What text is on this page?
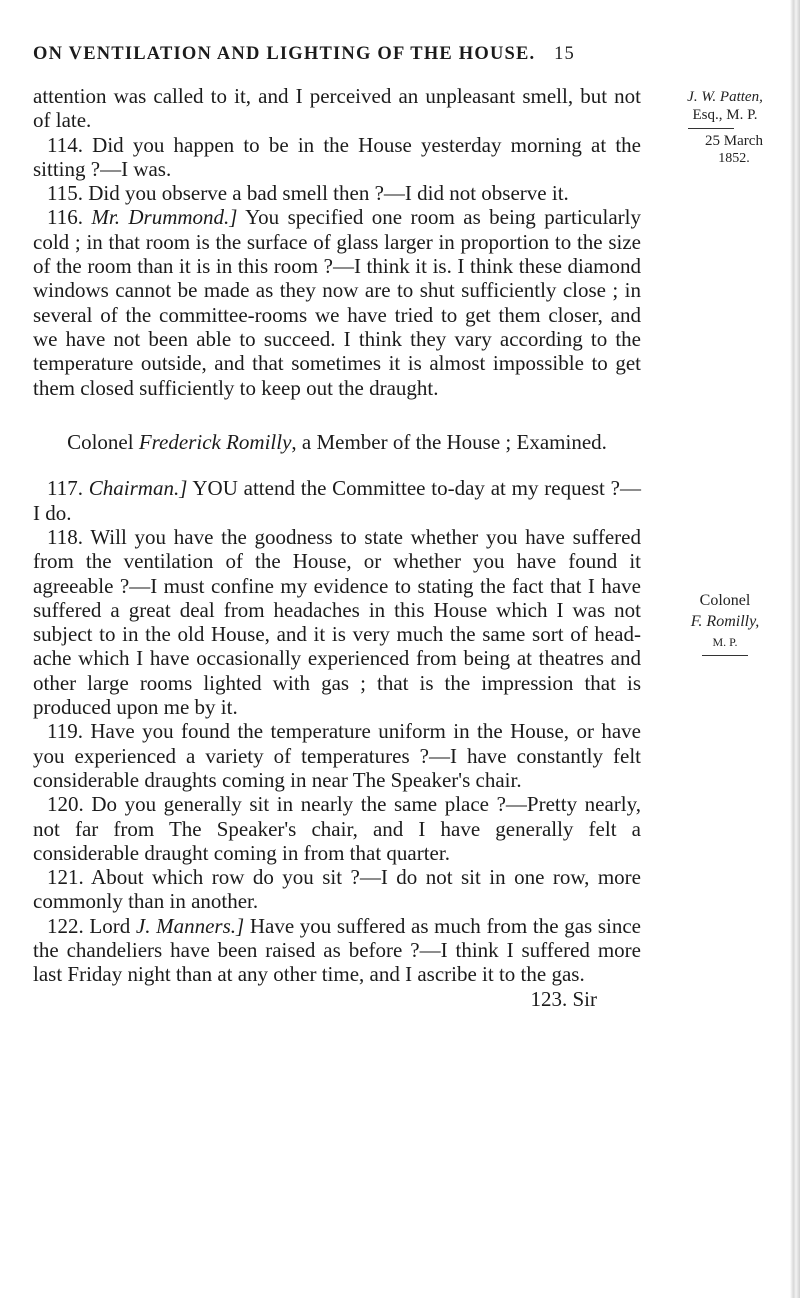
ON VENTILATION AND LIGHTING OF THE HOUSE. 15
J. W. Patten,
Esq., M. P.
25 March
1852.
Colonel
F. Romilly,
M. P.

attention was called to it, and I perceived an unpleasant smell, but not of late.

114. Did you happen to be in the House yesterday morning at the sitting ?—I was.

115. Did you observe a bad smell then ?—I did not observe it.

116. Mr. Drummond.] You specified one room as being particularly cold ; in that room is the surface of glass larger in proportion to the size of the room than it is in this room ?—I think it is. I think these diamond windows cannot be made as they now are to shut sufficiently close ; in several of the committee-rooms we have tried to get them closer, and we have not been able to succeed. I think they vary according to the temperature outside, and that sometimes it is almost impossible to get them closed sufficiently to keep out the draught.

Colonel Frederick Romilly, a Member of the House ; Examined.

117. Chairman.] YOU attend the Committee to-day at my request ?—I do.

118. Will you have the goodness to state whether you have suffered from the ventilation of the House, or whether you have found it agreeable ?—I must confine my evidence to stating the fact that I have suffered a great deal from headaches in this House which I was not subject to in the old House, and it is very much the same sort of head-ache which I have occasionally experienced from being at theatres and other large rooms lighted with gas ; that is the impression that is produced upon me by it.

119. Have you found the temperature uniform in the House, or have you experienced a variety of temperatures ?—I have constantly felt considerable draughts coming in near The Speaker's chair.

120. Do you generally sit in nearly the same place ?—Pretty nearly, not far from The Speaker's chair, and I have generally felt a considerable draught coming in from that quarter.

121. About which row do you sit ?—I do not sit in one row, more commonly than in another.

122. Lord J. Manners.] Have you suffered as much from the gas since the chandeliers have been raised as before ?—I think I suffered more last Friday night than at any other time, and I ascribe it to the gas.

123. Sir
